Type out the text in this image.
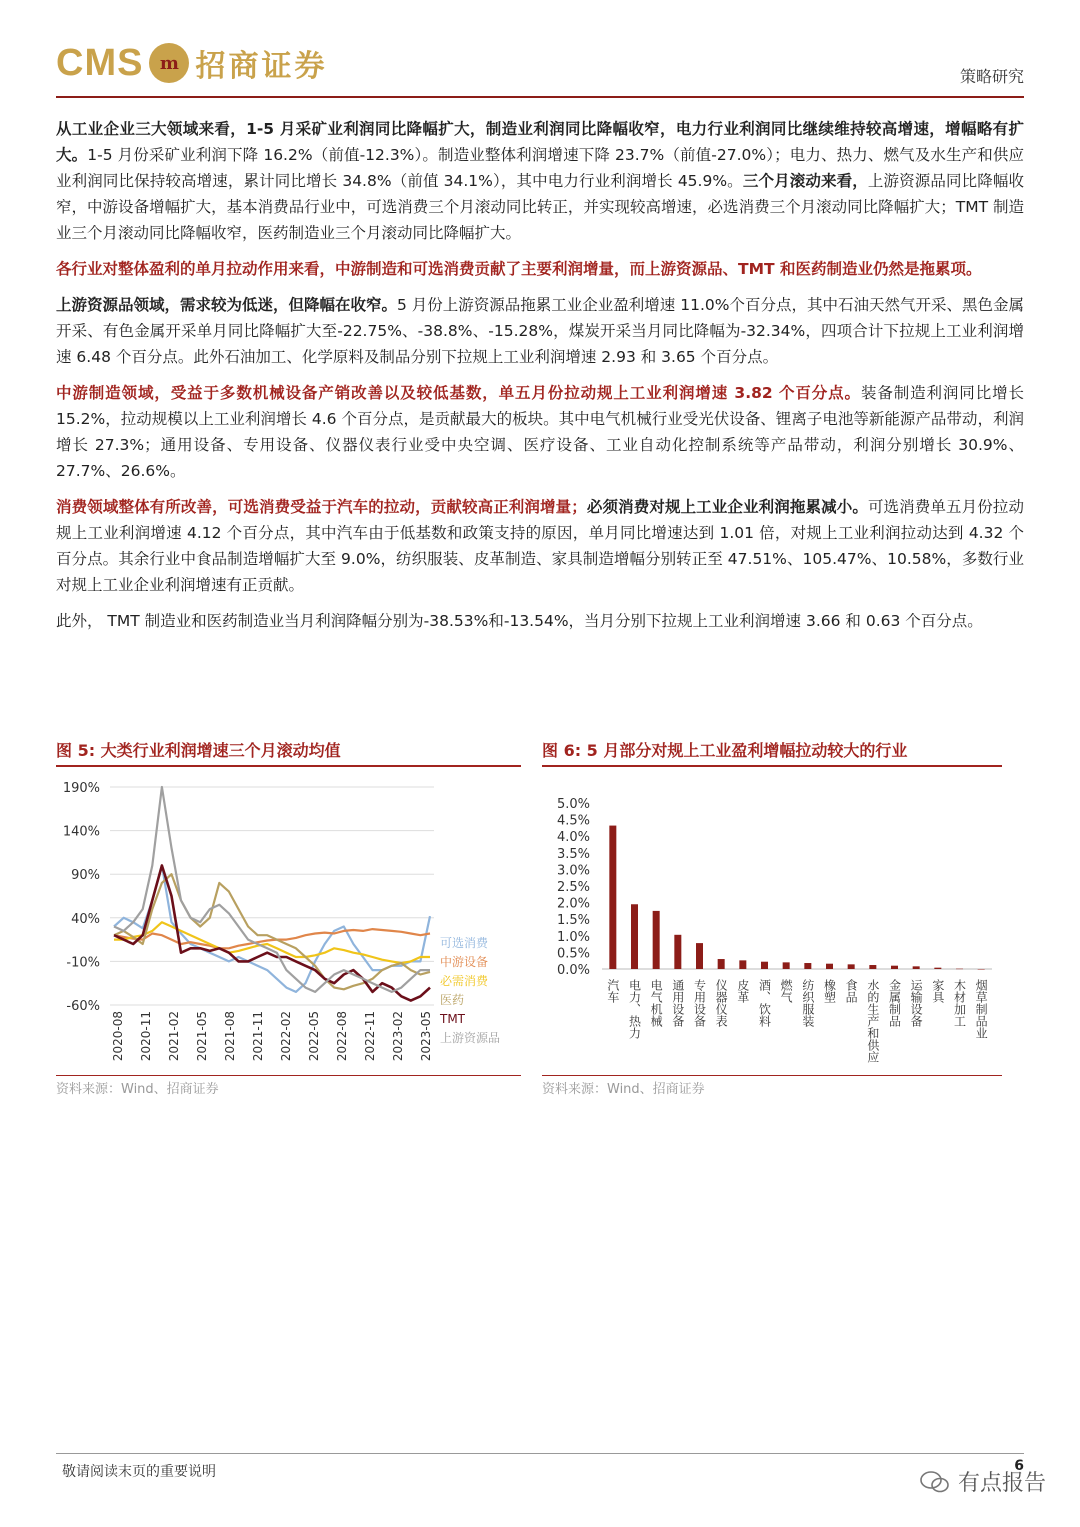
CMS m 招商证券	策略研究

从工业企业三大领域来看，1-5 月采矿业利润同比降幅扩大，制造业利润同比降幅收窄，电力行业利润同比继续维持较高增速，增幅略有扩大。1-5 月份采矿业利润下降 16.2%（前值-12.3%）。制造业整体利润增速下降 23.7%（前值-27.0%）；电力、热力、燃气及水生产和供应业利润同比保持较高增速，累计同比增长 34.8%（前值 34.1%），其中电力行业利润增长 45.9%。三个月滚动来看，上游资源品同比降幅收窄，中游设备增幅扩大，基本消费品行业中，可选消费三个月滚动同比转正，并实现较高增速，必选消费三个月滚动同比降幅扩大；TMT 制造业三个月滚动同比降幅收窄，医药制造业三个月滚动同比降幅扩大。

各行业对整体盈利的单月拉动作用来看，中游制造和可选消费贡献了主要利润增量，而上游资源品、TMT 和医药制造业仍然是拖累项。

上游资源品领域，需求较为低迷，但降幅在收窄。5 月份上游资源品拖累工业企业盈利增速 11.0%个百分点，其中石油天然气开采、黑色金属开采、有色金属开采单月同比降幅扩大至-22.75%、-38.8%、-15.28%，煤炭开采当月同比降幅为-32.34%，四项合计下拉规上工业利润增速 6.48 个百分点。此外石油加工、化学原料及制品分别下拉规上工业利润增速 2.93 和 3.65 个百分点。

中游制造领域，受益于多数机械设备产销改善以及较低基数，单五月份拉动规上工业利润增速 3.82 个百分点。装备制造利润同比增长 15.2%，拉动规模以上工业利润增长 4.6 个百分点，是贡献最大的板块。其中电气机械行业受光伏设备、锂离子电池等新能源产品带动，利润增长 27.3%；通用设备、专用设备、仪器仪表行业受中央空调、医疗设备、工业自动化控制系统等产品带动，利润分别增长 30.9%、27.7%、26.6%。

消费领域整体有所改善，可选消费受益于汽车的拉动，贡献较高正利润增量；必须消费对规上工业企业利润拖累减小。可选消费单五月份拉动规上工业利润增速 4.12 个百分点，其中汽车由于低基数和政策支持的原因，单月同比增速达到 1.01 倍，对规上工业利润拉动达到 4.32 个百分点。其余行业中食品制造增幅扩大至 9.0%，纺织服装、皮革制造、家具制造增幅分别转正至 47.51%、105.47%、10.58%，多数行业对规上工业企业利润增速有正贡献。

此外， TMT 制造业和医药制造业当月利润降幅分别为-38.53%和-13.54%，当月分别下拉规上工业利润增速 3.66 和 0.63 个百分点。

图 5: 大类行业利润增速三个月滚动均值
190%
140%
90%
40%
-10%
-60%
2020-08 2020-11 2021-02 2021-05 2021-08 2021-11 2022-02 2022-05 2022-08 2022-11 2023-02 2023-05
可选消费
中游设备
必需消费
医药
TMT
上游资源品
资料来源：Wind、招商证券
图 6: 5 月部分对规上工业盈利增幅拉动较大的行业
5.0%
4.5%
4.0%
3.5%
3.0%
2.5%
2.0%
1.5%
1.0%
0.5%
0.0%
汽车 电力、热力 电气机械 通用设备 专用设备 仪器仪表 皮革 酒、饮料 燃气 纺织服装 橡塑 食品 水的生产和供应 金属制品 运输设备 家具 木材加工 烟草制品业
资料来源：Wind、招商证券
敬请阅读末页的重要说明	6
有点报告
